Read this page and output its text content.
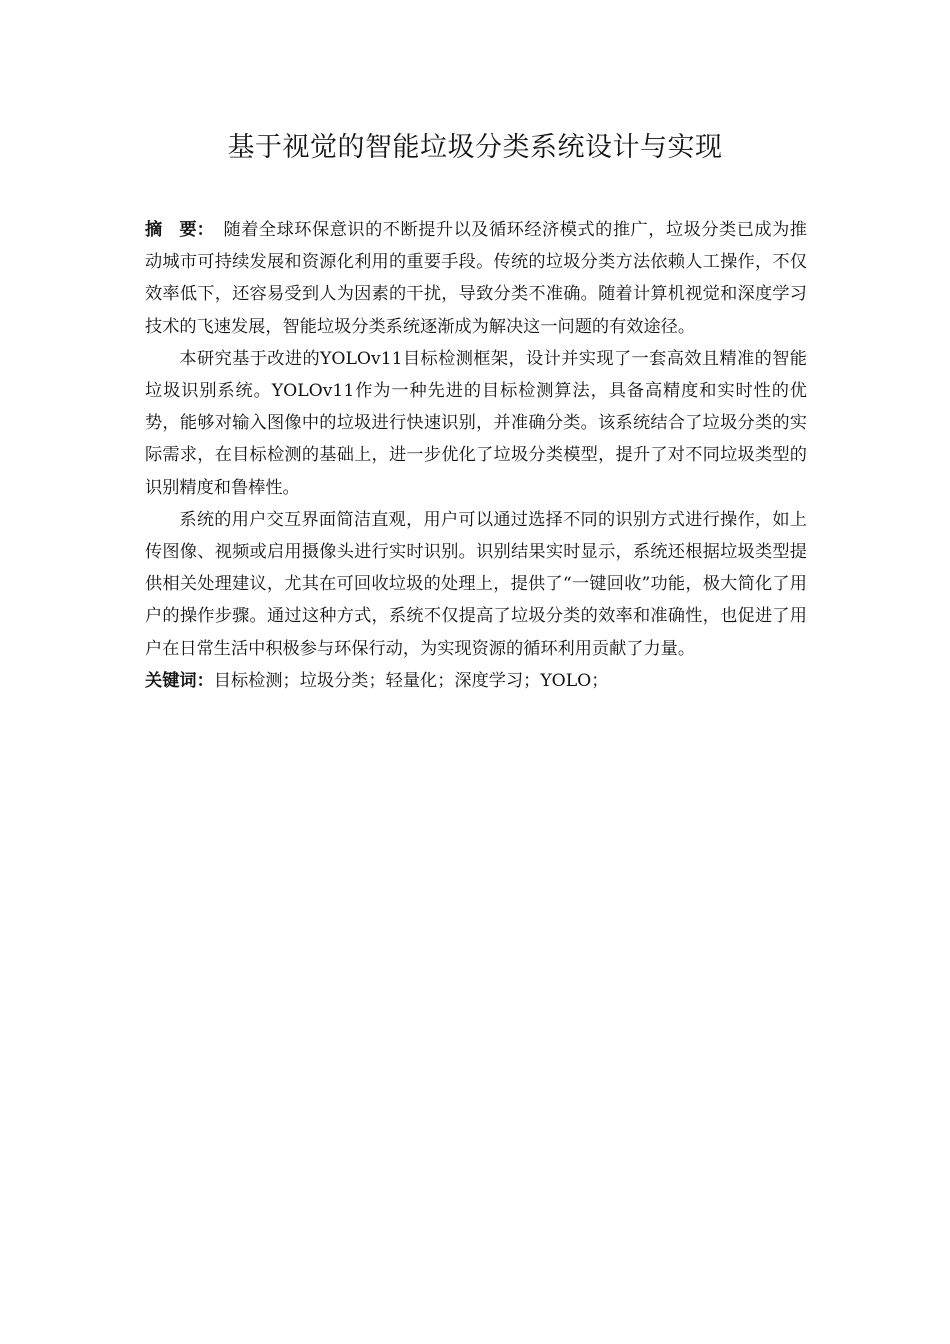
基于视觉的智能垃圾分类系统设计与实现

摘　要： 随着全球环保意识的不断提升以及循环经济模式的推广，垃圾分类已成为推动城市可持续发展和资源化利用的重要手段。传统的垃圾分类方法依赖人工操作，不仅效率低下，还容易受到人为因素的干扰，导致分类不准确。随着计算机视觉和深度学习技术的飞速发展，智能垃圾分类系统逐渐成为解决这一问题的有效途径。

本研究基于改进的YOLOv11目标检测框架，设计并实现了一套高效且精准的智能垃圾识别系统。YOLOv11作为一种先进的目标检测算法，具备高精度和实时性的优势，能够对输入图像中的垃圾进行快速识别，并准确分类。该系统结合了垃圾分类的实际需求，在目标检测的基础上，进一步优化了垃圾分类模型，提升了对不同垃圾类型的识别精度和鲁棒性。

系统的用户交互界面简洁直观，用户可以通过选择不同的识别方式进行操作，如上传图像、视频或启用摄像头进行实时识别。识别结果实时显示，系统还根据垃圾类型提供相关处理建议，尤其在可回收垃圾的处理上，提供了“一键回收”功能，极大简化了用户的操作步骤。通过这种方式，系统不仅提高了垃圾分类的效率和准确性，也促进了用户在日常生活中积极参与环保行动，为实现资源的循环利用贡献了力量。

关键词：目标检测；垃圾分类；轻量化；深度学习；YOLO；
